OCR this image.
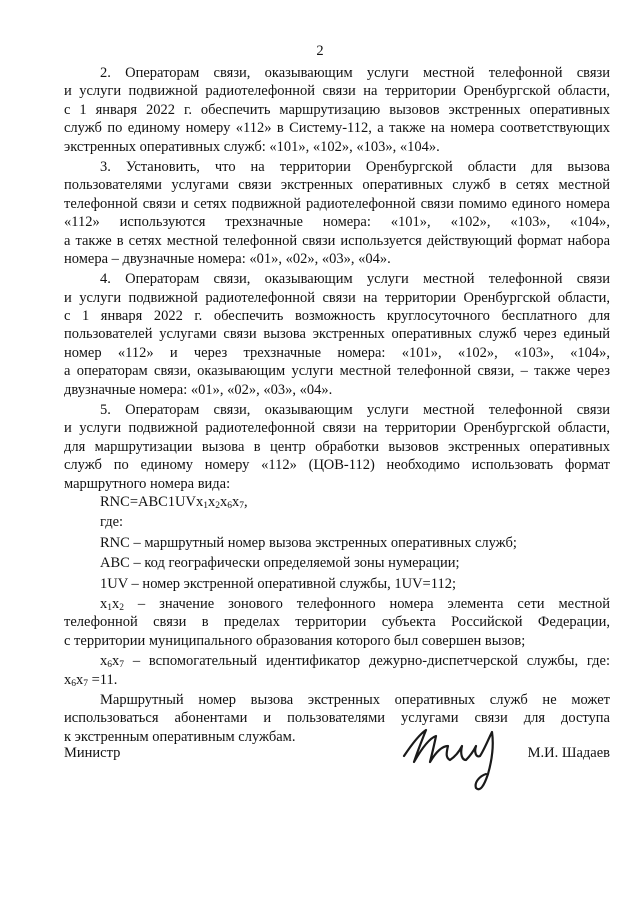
2
2. Операторам связи, оказывающим услуги местной телефонной связи
и услуги подвижной радиотелефонной связи на территории Оренбургской области,
с 1 января 2022 г. обеспечить маршрутизацию вызовов экстренных оперативных
служб по единому номеру «112» в Систему-112, а также на номера соответствующих
экстренных оперативных служб: «101», «102», «103», «104».
3. Установить, что на территории Оренбургской области для вызова
пользователями услугами связи экстренных оперативных служб в сетях местной
телефонной связи и сетях подвижной радиотелефонной связи помимо единого номера
«112» используются трехзначные номера: «101», «102», «103», «104»,
а также в сетях местной телефонной связи используется действующий формат набора
номера – двузначные номера: «01», «02», «03», «04».
4. Операторам связи, оказывающим услуги местной телефонной связи
и услуги подвижной радиотелефонной связи на территории Оренбургской области,
с 1 января 2022 г. обеспечить возможность круглосуточного бесплатного для
пользователей услугами связи вызова экстренных оперативных служб через единый
номер «112» и через трехзначные номера: «101», «102», «103», «104»,
а операторам связи, оказывающим услуги местной телефонной связи, – также через
двузначные номера: «01», «02», «03», «04».
5. Операторам связи, оказывающим услуги местной телефонной связи
и услуги подвижной радиотелефонной связи на территории Оренбургской области,
для маршрутизации вызова в центр обработки вызовов экстренных оперативных
служб по единому номеру «112» (ЦОВ-112) необходимо использовать формат
маршрутного номера вида:
$RNC=ABC1UVx_1x_2x_6x_7$,
где:
RNC – маршрутный номер вызова экстренных оперативных служб;
ABC – код географически определяемой зоны нумерации;
1UV – номер экстренной оперативной службы, 1UV=112;
$x_1x_2$ – значение зонового телефонного номера элемента сети местной
телефонной связи в пределах территории субъекта Российской Федерации,
с территории муниципального образования которого был совершен вызов;
$x_6x_7$ – вспомогательный идентификатор дежурно-диспетчерской службы, где:
$x_6x_7 =11$.
Маршрутный номер вызова экстренных оперативных служб не может
использоваться абонентами и пользователями услугами связи для доступа
к экстренным оперативным службам.
Министр	М.И. Шадаев
